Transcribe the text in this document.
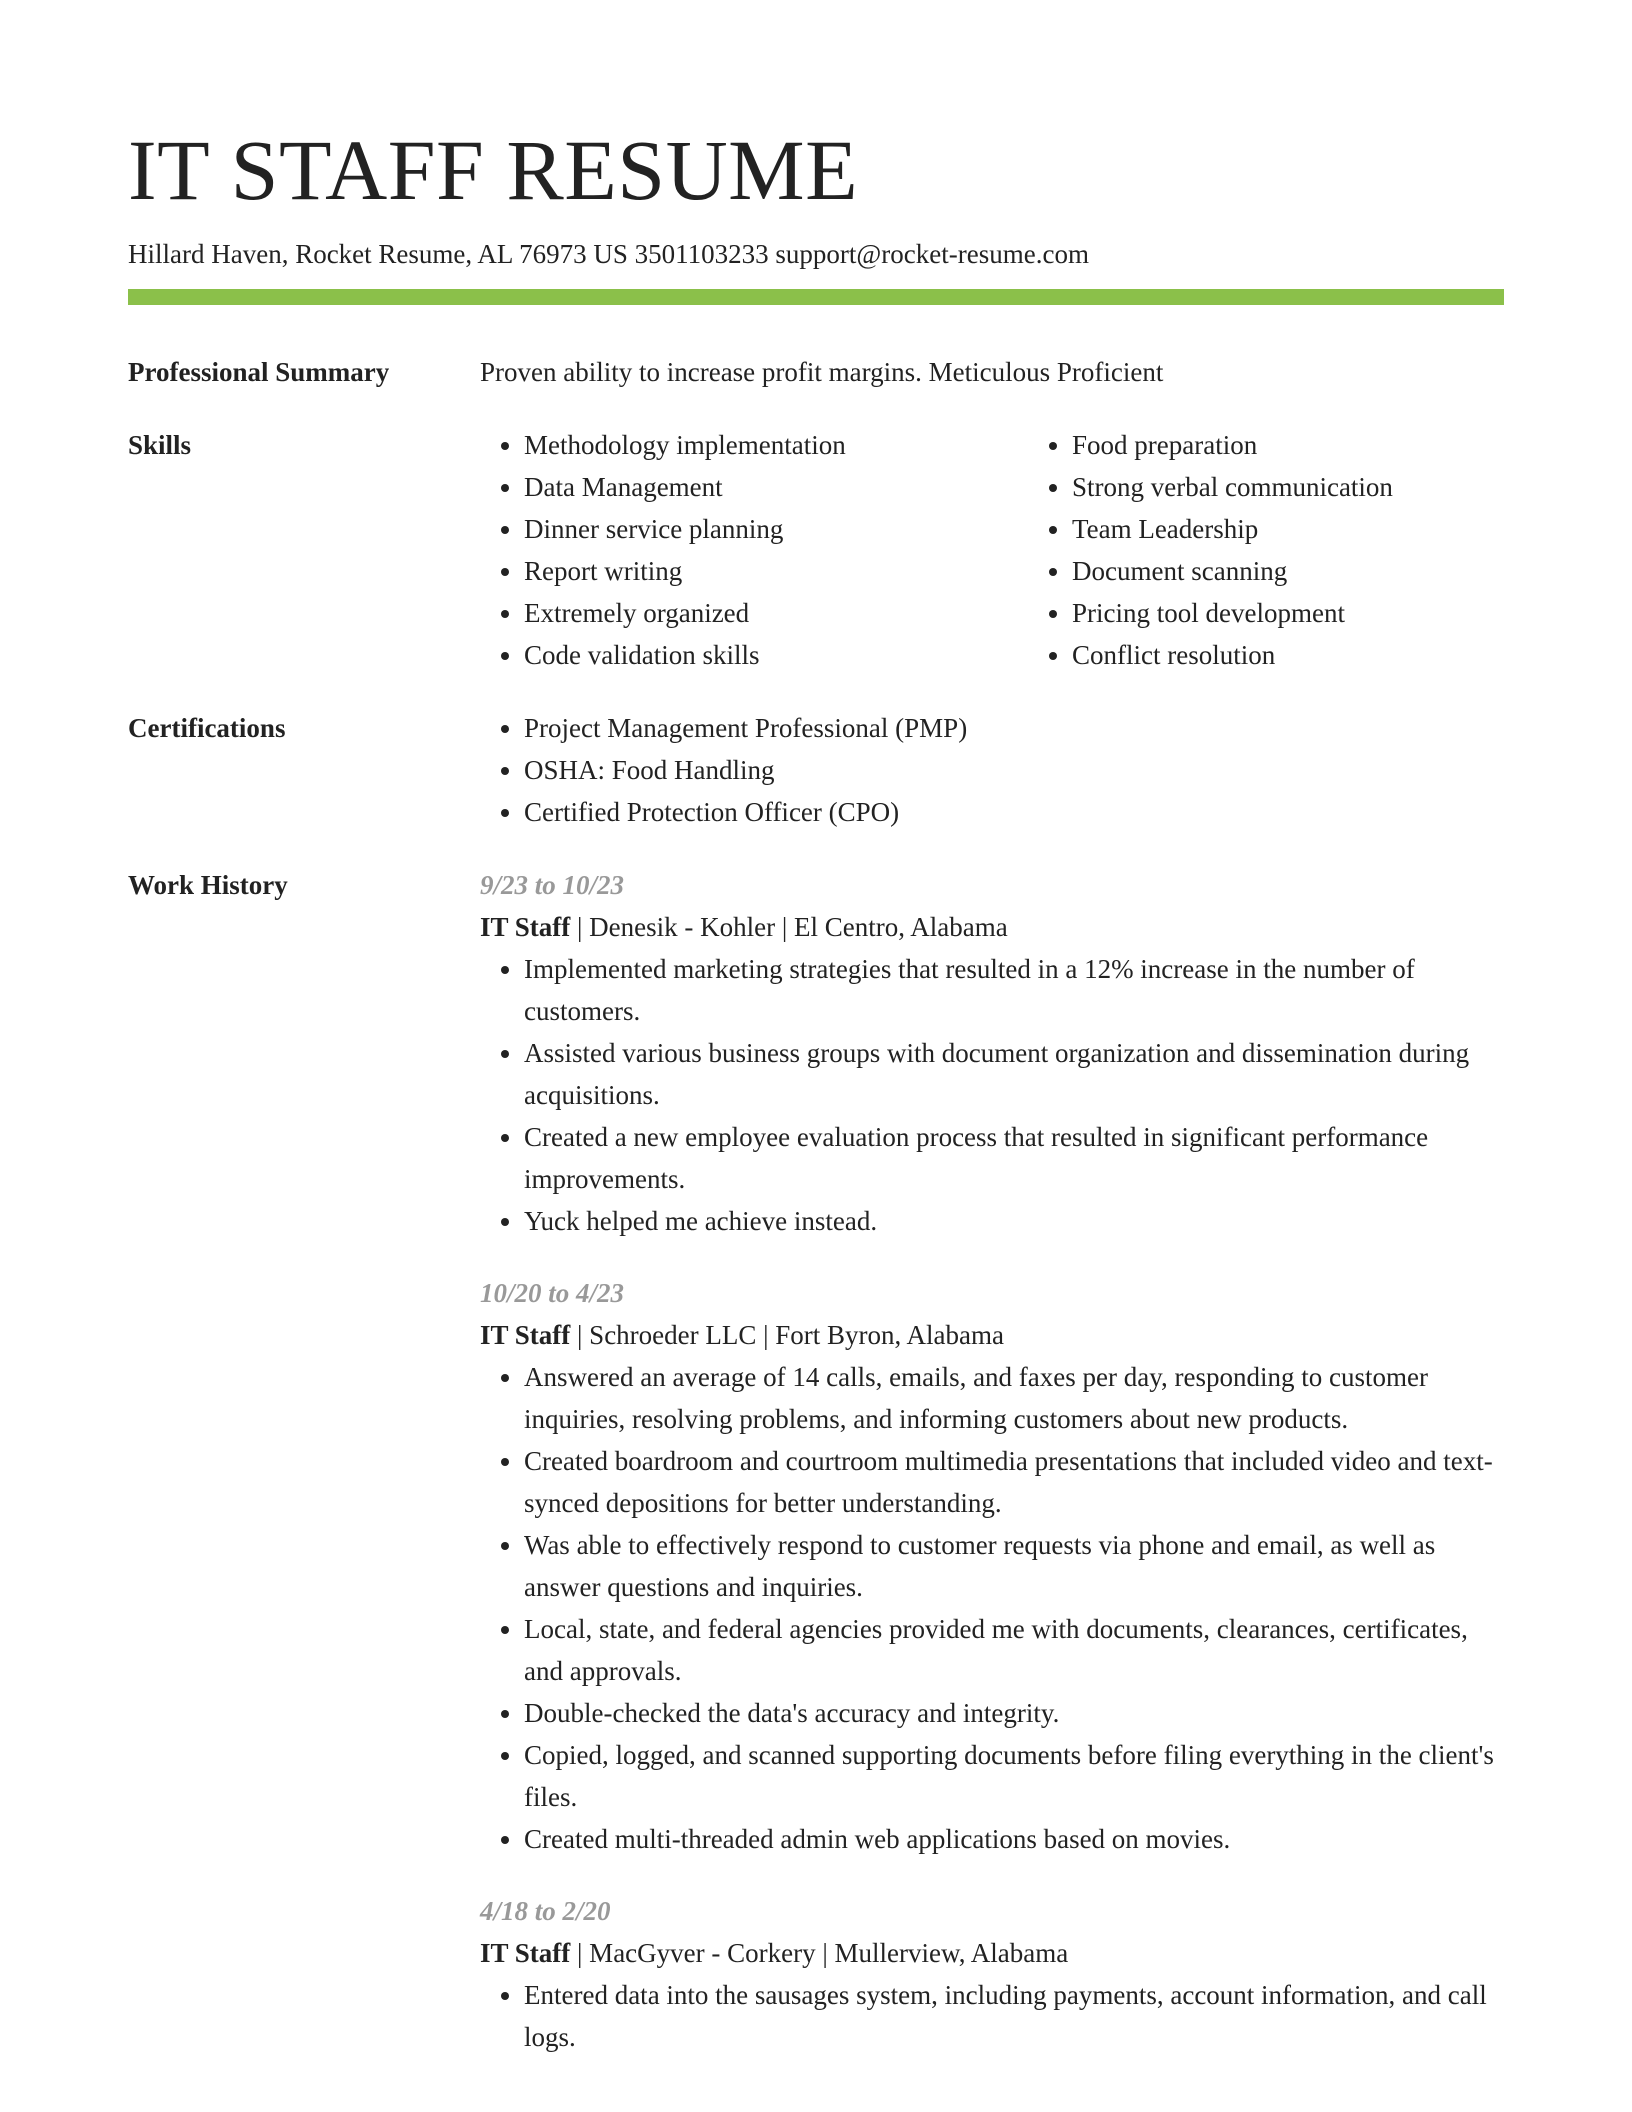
IT STAFF RESUME
Hillard Haven, Rocket Resume, AL 76973 US 3501103233 support@rocket-resume.com
Professional Summary	Proven ability to increase profit margins. Meticulous Proficient
Skills	• Methodology implementation
• Data Management
• Dinner service planning
• Report writing
• Extremely organized
• Code validation skills
• Food preparation
• Strong verbal communication
• Team Leadership
• Document scanning
• Pricing tool development
• Conflict resolution
Certifications	• Project Management Professional (PMP)
• OSHA: Food Handling
• Certified Protection Officer (CPO)
Work History	9/23 to 10/23
IT Staff | Denesik - Kohler | El Centro, Alabama
• Implemented marketing strategies that resulted in a 12% increase in the number of customers.
• Assisted various business groups with document organization and dissemination during acquisitions.
• Created a new employee evaluation process that resulted in significant performance improvements.
• Yuck helped me achieve instead.
10/20 to 4/23
IT Staff | Schroeder LLC | Fort Byron, Alabama
• Answered an average of 14 calls, emails, and faxes per day, responding to customer inquiries, resolving problems, and informing customers about new products.
• Created boardroom and courtroom multimedia presentations that included video and text-synced depositions for better understanding.
• Was able to effectively respond to customer requests via phone and email, as well as answer questions and inquiries.
• Local, state, and federal agencies provided me with documents, clearances, certificates, and approvals.
• Double-checked the data's accuracy and integrity.
• Copied, logged, and scanned supporting documents before filing everything in the client's files.
• Created multi-threaded admin web applications based on movies.
4/18 to 2/20
IT Staff | MacGyver - Corkery | Mullerview, Alabama
• Entered data into the sausages system, including payments, account information, and call logs.
